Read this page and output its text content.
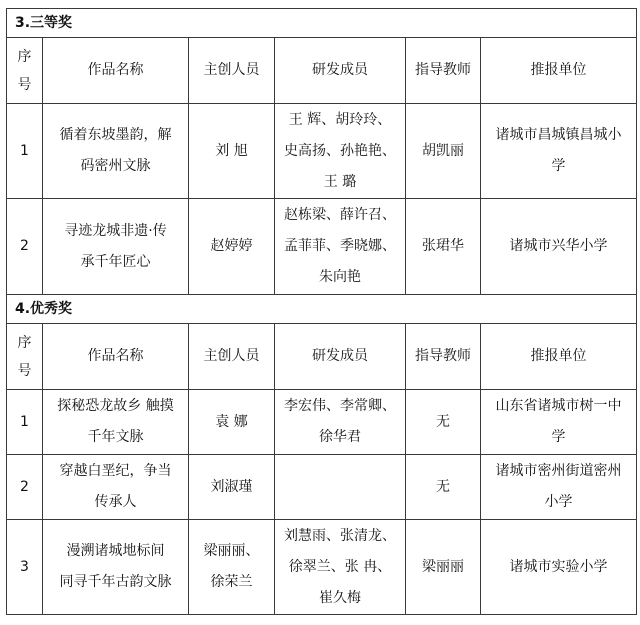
3.三等奖					

序
号	作品名称	主创人员	研发成员	指导教师	推报单位
1	循着东坡墨韵，解
码密州文脉	刘 旭	王 辉、胡玲玲、
史高扬、孙艳艳、
王 璐	胡凯丽	诸城市昌城镇昌城小
学

2	寻迹龙城非遗·传
承千年匠心	赵婷婷	赵栋梁、薛许召、
孟菲菲、季晓娜、
朱向艳	张珺华	诸城市兴华小学

4.优秀奖					

序
号	作品名称	主创人员	研发成员	指导教师	推报单位
1	探秘恐龙故乡 触摸
千年文脉	袁 娜	李宏伟、李常卿、
徐华君	无	山东省诸城市树一中
学

2	穿越白垩纪，争当
传承人	刘淑瑾		无	诸城市密州街道密州
小学

3	漫溯诸城地标间
同寻千年古韵文脉	梁丽丽、
徐荣兰	刘慧雨、张清龙、
徐翠兰、张 冉、
崔久梅	梁丽丽	诸城市实验小学
